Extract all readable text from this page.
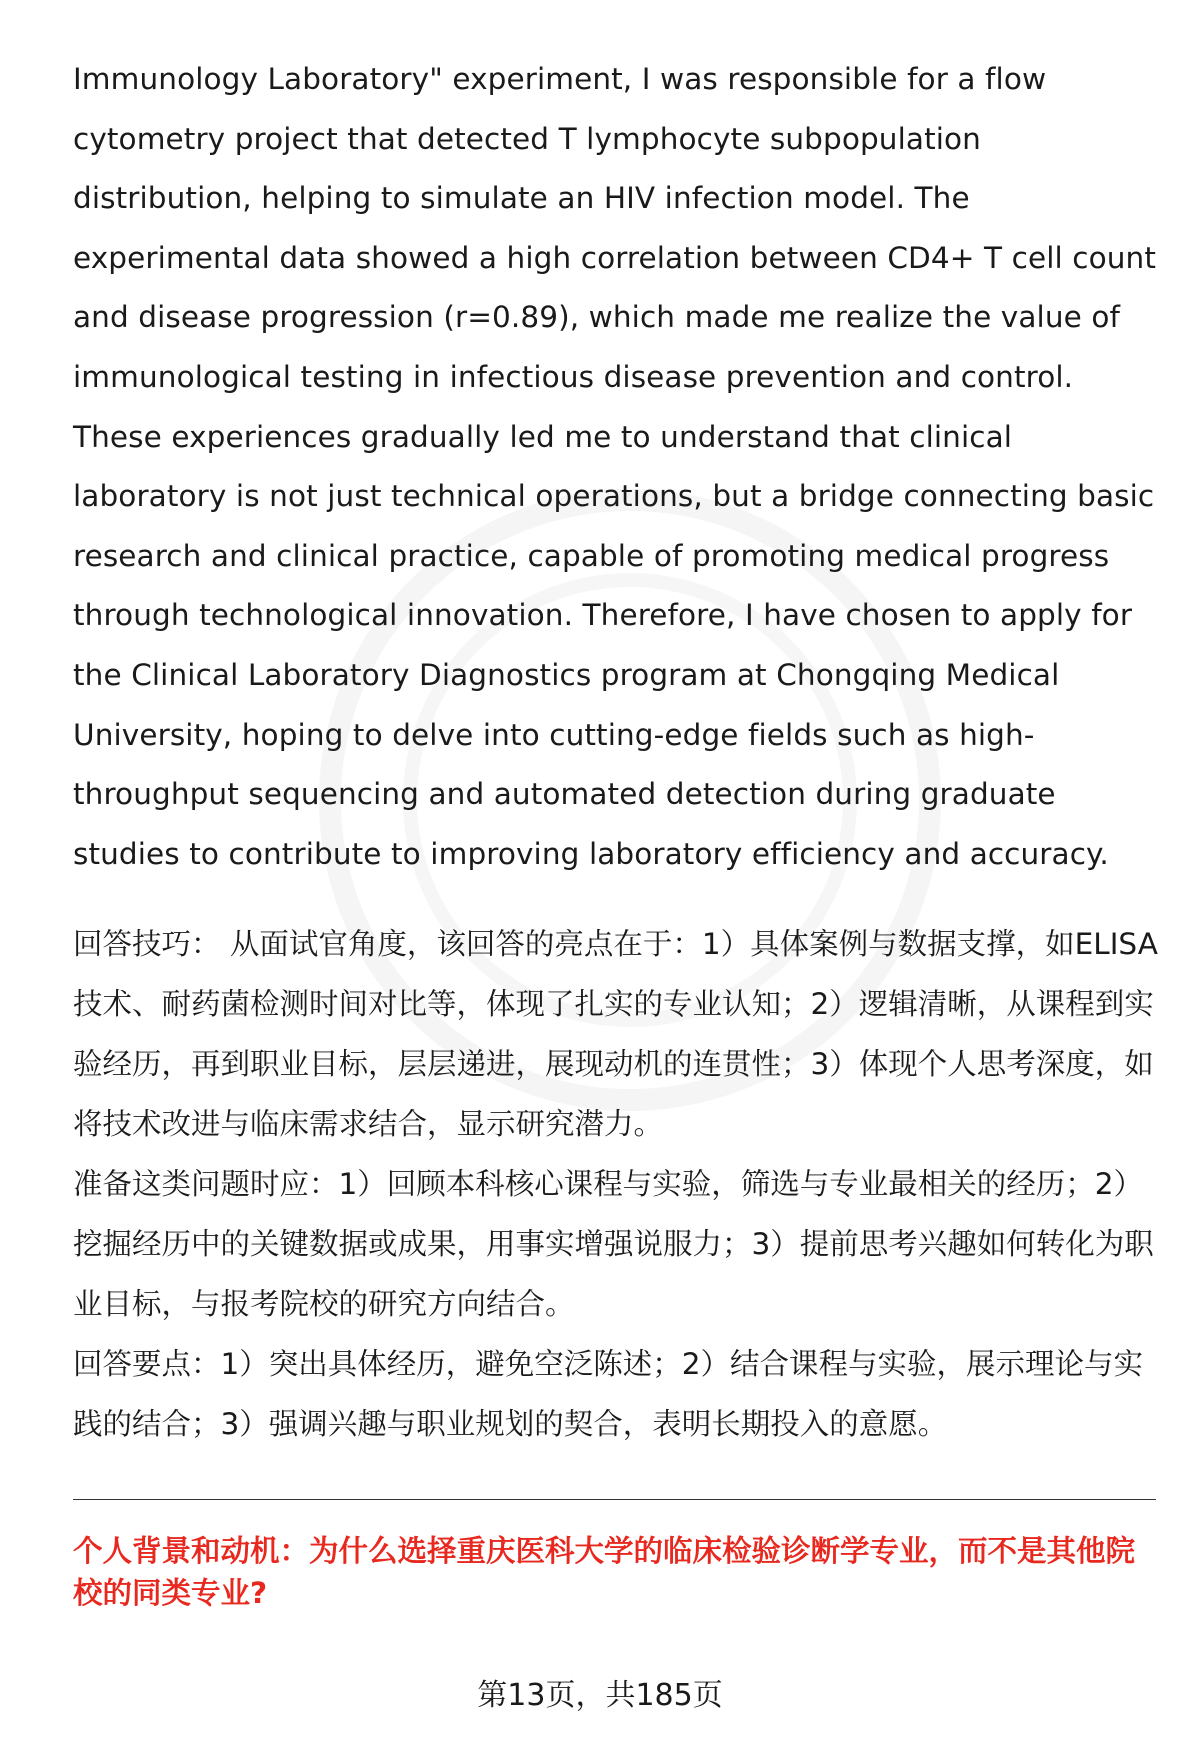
Immunology Laboratory" experiment, I was responsible for a flow cytometry project that detected T lymphocyte subpopulation distribution, helping to simulate an HIV infection model. The experimental data showed a high correlation between CD4+ T cell count and disease progression (r=0.89), which made me realize the value of immunological testing in infectious disease prevention and control. These experiences gradually led me to understand that clinical laboratory is not just technical operations, but a bridge connecting basic research and clinical practice, capable of promoting medical progress through technological innovation. Therefore, I have chosen to apply for the Clinical Laboratory Diagnostics program at Chongqing Medical University, hoping to delve into cutting-edge fields such as high-throughput sequencing and automated detection during graduate studies to contribute to improving laboratory efficiency and accuracy.

回答技巧： 从面试官角度，该回答的亮点在于：1）具体案例与数据支撑，如ELISA技术、耐药菌检测时间对比等，体现了扎实的专业认知；2）逻辑清晰，从课程到实验经历，再到职业目标，层层递进，展现动机的连贯性；3）体现个人思考深度，如将技术改进与临床需求结合，显示研究潜力。

准备这类问题时应：1）回顾本科核心课程与实验，筛选与专业最相关的经历；2）挖掘经历中的关键数据或成果，用事实增强说服力；3）提前思考兴趣如何转化为职业目标，与报考院校的研究方向结合。

回答要点：1）突出具体经历，避免空泛陈述；2）结合课程与实验，展示理论与实践的结合；3）强调兴趣与职业规划的契合，表明长期投入的意愿。

个人背景和动机：为什么选择重庆医科大学的临床检验诊断学专业，而不是其他院校的同类专业?

第13页，共185页
